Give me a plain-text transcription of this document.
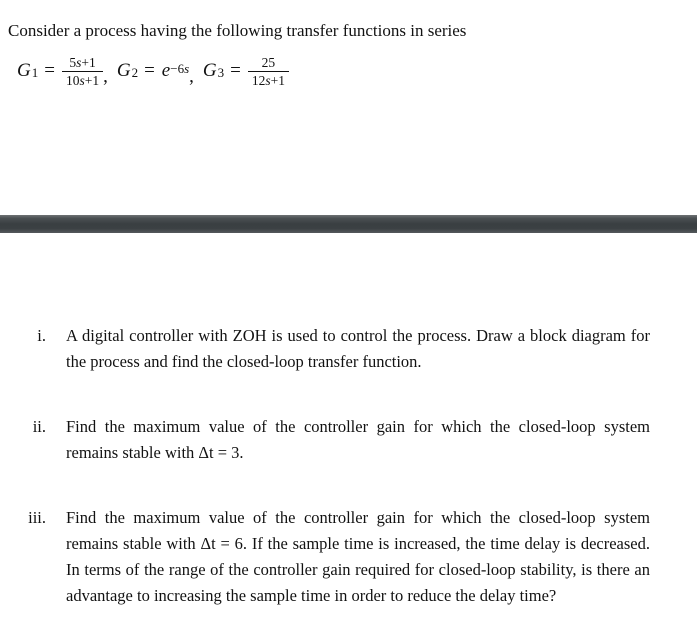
Consider a process having the following transfer functions in series

$G_1 = \frac{5s+1}{10s+1}$ , $G_2 = e$ $^{-6s}$ , $G_3 = \frac{25}{12s+1}$
i. A digital controller with ZOH is used to control the process. Draw a block diagram for the process and find the closed-loop transfer function.
ii. Find the maximum value of the controller gain for which the closed-loop system remains stable with Δt = 3.
iii. Find the maximum value of the controller gain for which the closed-loop system remains stable with Δt = 6. If the sample time is increased, the time delay is decreased. In terms of the range of the controller gain required for closed-loop stability, is there an advantage to increasing the sample time in order to reduce the delay time?
